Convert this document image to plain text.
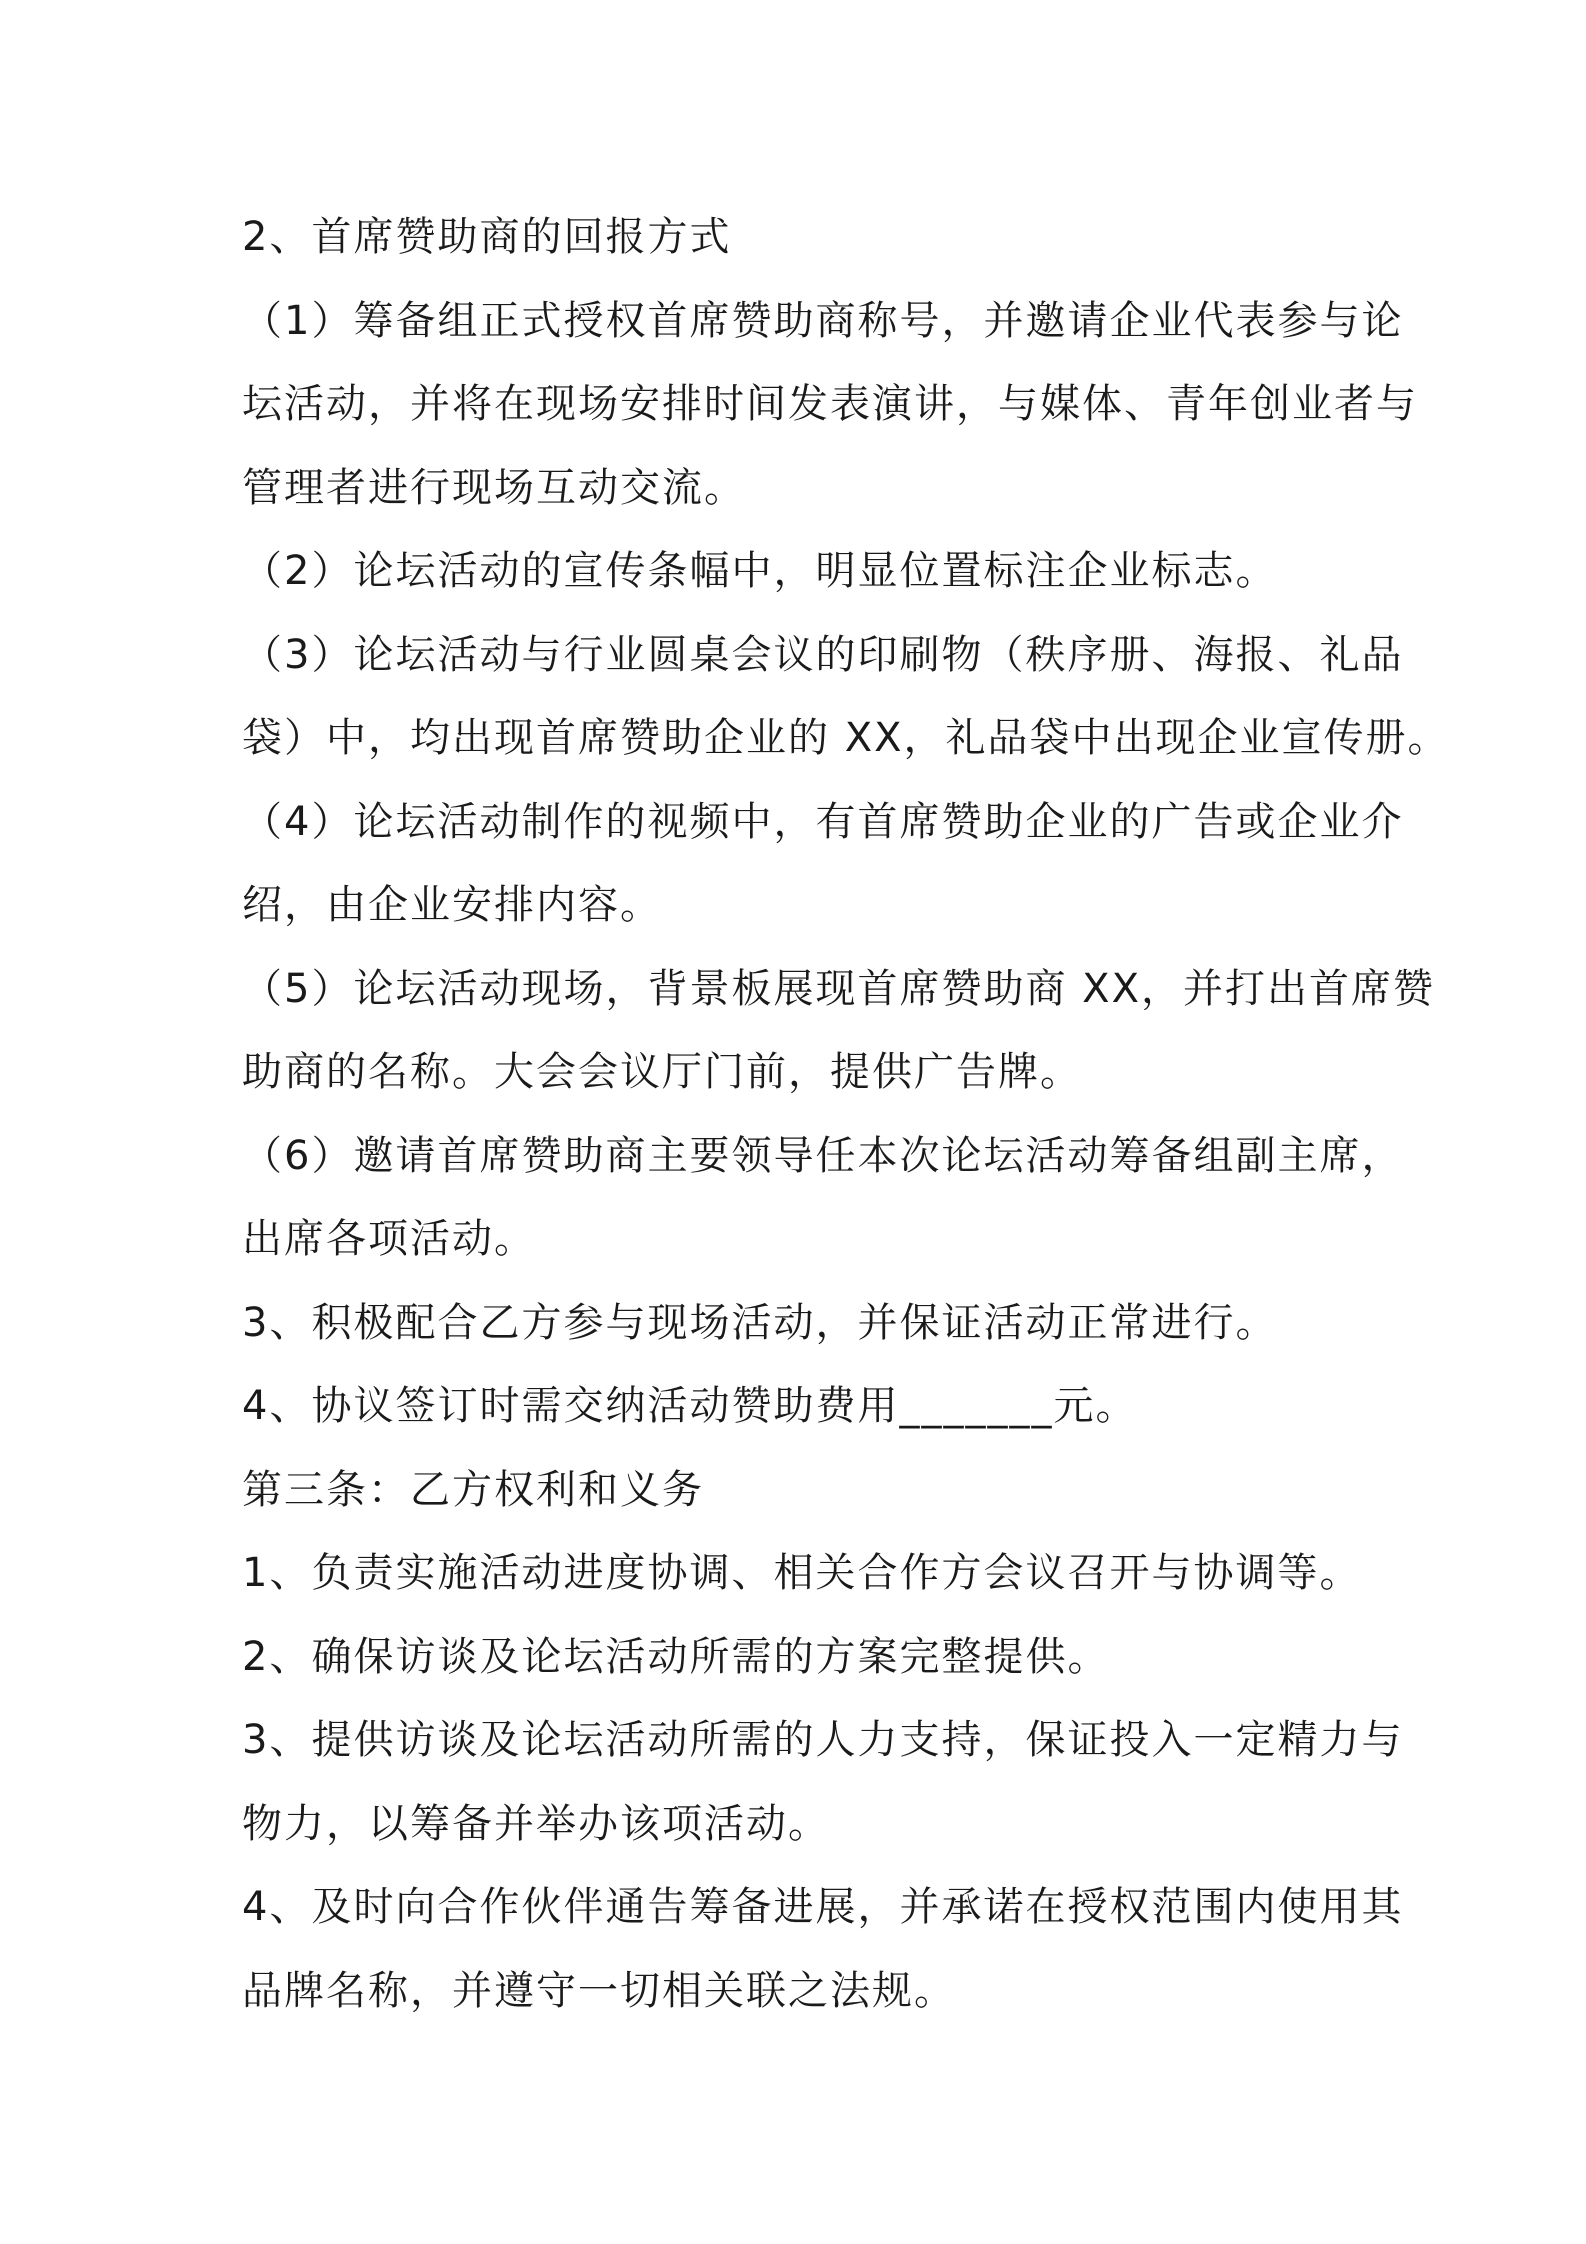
2、首席赞助商的回报方式
（1）筹备组正式授权首席赞助商称号，并邀请企业代表参与论
坛活动，并将在现场安排时间发表演讲，与媒体、青年创业者与
管理者进行现场互动交流。
（2）论坛活动的宣传条幅中，明显位置标注企业标志。
（3）论坛活动与行业圆桌会议的印刷物（秩序册、海报、礼品
袋）中，均出现首席赞助企业的 XX，礼品袋中出现企业宣传册。
（4）论坛活动制作的视频中，有首席赞助企业的广告或企业介
绍，由企业安排内容。
（5）论坛活动现场，背景板展现首席赞助商 XX，并打出首席赞
助商的名称。大会会议厅门前，提供广告牌。
（6）邀请首席赞助商主要领导任本次论坛活动筹备组副主席，
出席各项活动。
3、积极配合乙方参与现场活动，并保证活动正常进行。
4、协议签订时需交纳活动赞助费用_______元。
第三条：乙方权利和义务
1、负责实施活动进度协调、相关合作方会议召开与协调等。
2、确保访谈及论坛活动所需的方案完整提供。
3、提供访谈及论坛活动所需的人力支持，保证投入一定精力与
物力，以筹备并举办该项活动。
4、及时向合作伙伴通告筹备进展，并承诺在授权范围内使用其
品牌名称，并遵守一切相关联之法规。
